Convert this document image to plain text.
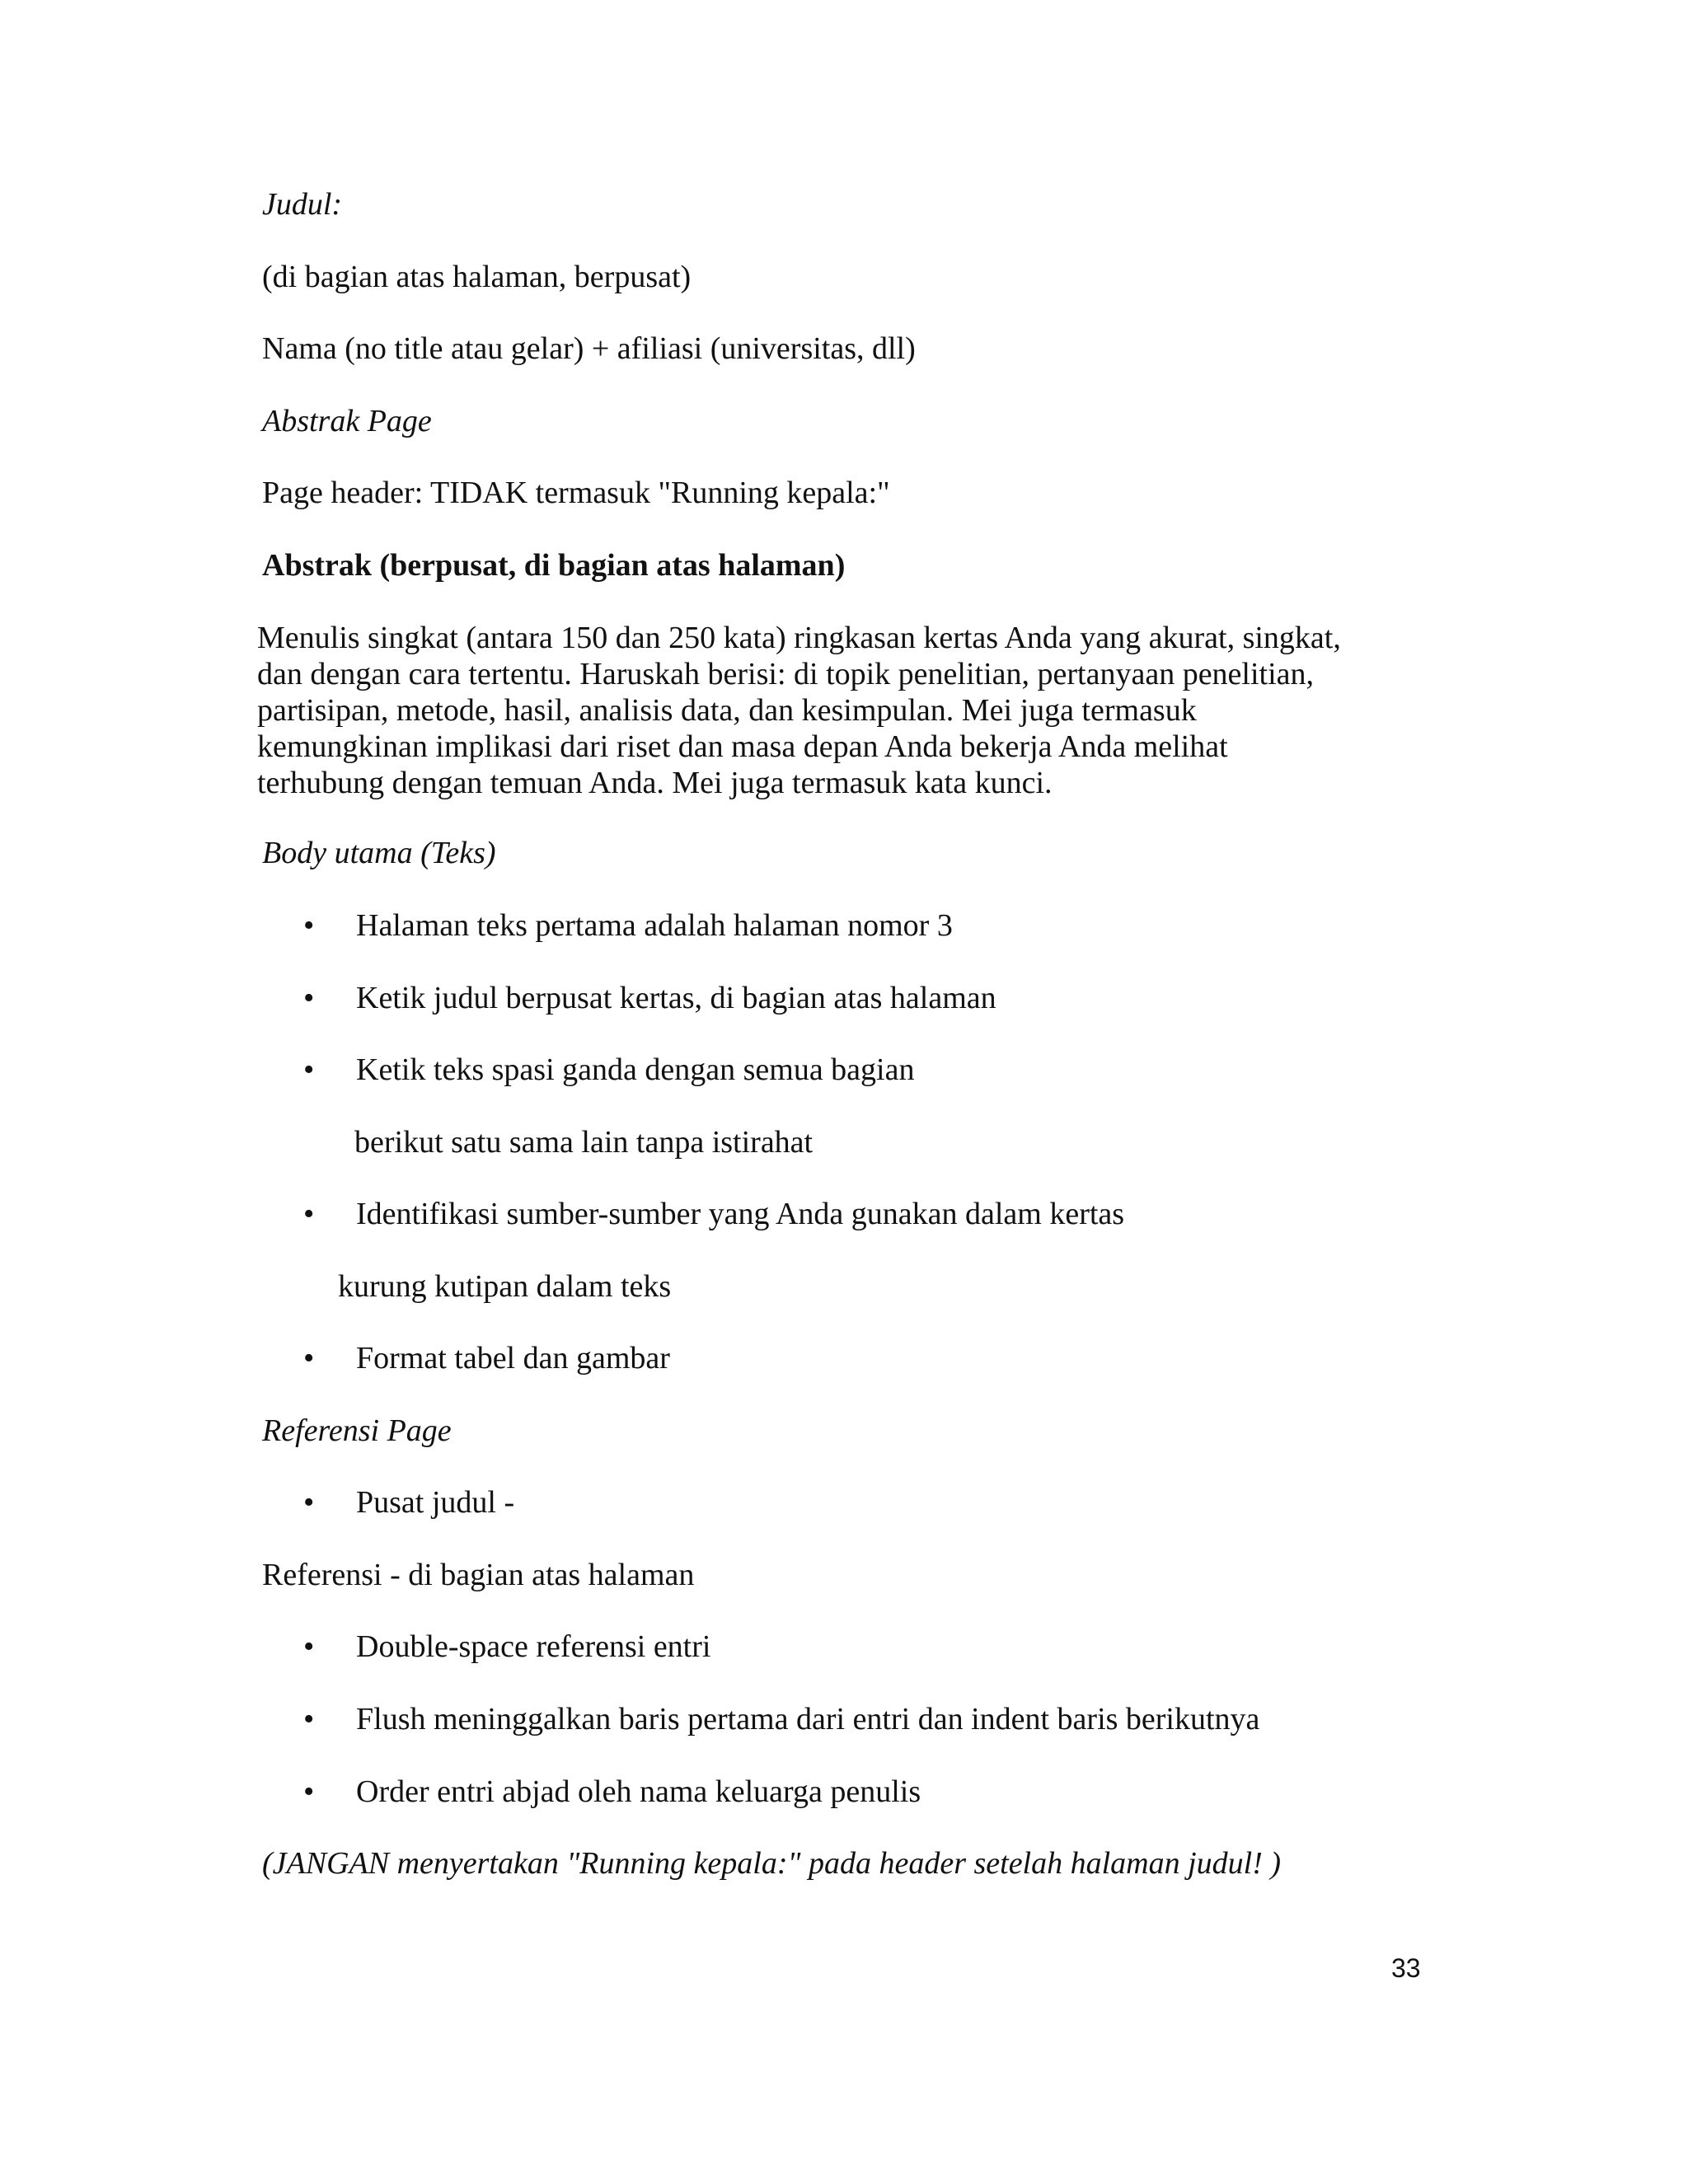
Judul:
(di bagian atas halaman, berpusat)
Nama (no title atau gelar) + afiliasi (universitas, dll)
Abstrak Page
Page header: TIDAK termasuk "Running kepala:"
Abstrak (berpusat, di bagian atas halaman)
Menulis singkat (antara 150 dan 250 kata) ringkasan kertas Anda yang akurat, singkat,
dan dengan cara tertentu. Haruskah berisi: di topik penelitian, pertanyaan penelitian,
partisipan, metode, hasil, analisis data, dan kesimpulan. Mei juga termasuk
kemungkinan implikasi dari riset dan masa depan Anda bekerja Anda melihat
terhubung dengan temuan Anda. Mei juga termasuk kata kunci.
Body utama (Teks)
• Halaman teks pertama adalah halaman nomor 3
• Ketik judul berpusat kertas, di bagian atas halaman
• Ketik teks spasi ganda dengan semua bagian
berikut satu sama lain tanpa istirahat
• Identifikasi sumber-sumber yang Anda gunakan dalam kertas
kurung kutipan dalam teks
• Format tabel dan gambar
Referensi Page
• Pusat judul -
Referensi - di bagian atas halaman
• Double-space referensi entri
• Flush meninggalkan baris pertama dari entri dan indent baris berikutnya
• Order entri abjad oleh nama keluarga penulis
(JANGAN menyertakan "Running kepala:" pada header setelah halaman judul! )
33
